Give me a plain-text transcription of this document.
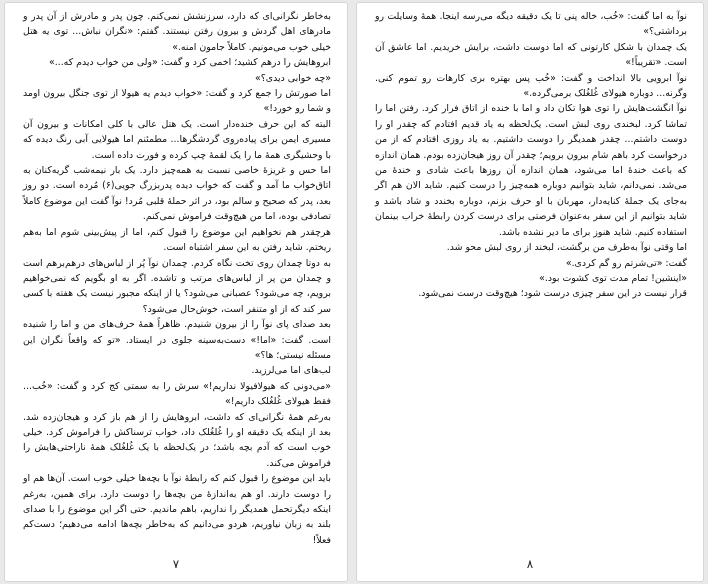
به‌خاطر نگرانی‌ای که دارد، سرزنشش نمی‌کنم. چون پدر و مادرش از آن پدر و مادرهای اهل گردش و بیرون رفتن نیستند. گفتم: «نگران نباش... توی یه هتل خیلی خوب می‌مونیم. کاملاً جامون امنه.»

ابروهایش را درهم کشید؛ اخمی کرد و گفت: «ولی من خواب دیدم که...»

«چه خوابی دیدی؟»

اما صورتش را جمع کرد و گفت: «خواب دیدم یه هیولا از توی جنگل بیرون اومد و شما رو خورد!»

البته که این حرف خنده‌دار است. یک هتل عالی با کلی امکانات و بیرون آن مسیری ایمن برای پیاده‌روی گردشگرها... مطمئنم اما هیولایی آبی رنگ دیده که با وحشیگری همهٔ ما را یک لقمهٔ چپ کرده و فورت داده است.

اما حس و غریزهٔ خاصی نسبت به همه‌چیز دارد. یک بار نیمه‌شب گریه‌کنان به اتاق‌خواب ما آمد و گفت که خواب دیده پدربزرگ جویی(۶) مُرده است. دو روز بعد، پدر که صحیح و سالم بود، در اثر حملهٔ قلبی مُرد! نوآ گفت این موضوع کاملاً تصادفی بوده، اما من هیچ‌وقت فراموش نمی‌کنم.

هرچقدر هم نخواهیم این موضوع را قبول کنم، اما از پیش‌بینی شوم اما به‌هم ریختم. شاید رفتن به این سفر اشتباه است.

به دوتا چمدان روی تخت نگاه کردم. چمدان نوآ پُر از لباس‌های درهم‌برهم است و چمدان من پر از لباس‌های مرتب و تاشده. اگر به او بگویم که نمی‌خواهیم برویم، چه می‌شود؟ عصبانی می‌شود؟ یا از اینکه مجبور نیست یک هفته با کسی سر کند که از او متنفر است، خوش‌حال می‌شود؟

بعد صدای پای نوآ را از بیرون شنیدم. ظاهراً همهٔ حرف‌های من و اما را شنیده است. گفت: «اما!» دست‌به‌سینه جلوی در ایستاد. «تو که واقعاً نگران این مسئله نیستی؛ ها؟»

لب‌های اما می‌لرزید.

«می‌دونی که هیولافیولا نداریم!» سرش را به سمتی کج کرد و گفت: «خُب... فقط هیولای غُلغُلک داریم!»

به‌رغم همهٔ نگرانی‌ای که داشت، ابروهایش را از هم باز کرد و هیجان‌زده شد. بعد از اینکه یک دقیقه او را غُلغُلک داد، خواب ترسناکش را فراموش کرد. خیلی خوب است که آدم بچه باشد؛ در یک‌لحظه با یک غُلغُلک همهٔ ناراحتی‌هایش را فراموش می‌کند.

باید این موضوع را قبول کنم که رابطهٔ نوآ با بچه‌ها خیلی خوب است. آن‌ها هم او را دوست دارند. او هم به‌اندازهٔ من بچه‌ها را دوست دارد. برای همین، به‌رغم اینکه دیگرتحمل همدیگر را نداریم، باهم ماندیم. حتی اگر این موضوع را با صدای بلند به زبان نیاوریم، هردو می‌دانیم که به‌خاطر بچه‌ها ادامه می‌دهیم؛ دست‌کم فعلاً!

۷

نوآ به اما گفت: «خُب، خاله پنی تا یک دقیقه دیگه می‌رسه اینجا. همهٔ وسایلت رو برداشتی؟»

یک چمدان با شکل کارتونی که اما دوست داشت، برایش خریدیم. اما عاشق آن است. «تقریباً!»

نوآ ابرویی بالا انداخت و گفت: «خُب پس بهتره بری کارهات رو تموم کنی. وگرنه... دوباره هیولای غُلغُلک برمی‌گرده.»

نوآ انگشت‌هایش را توی هوا تکان داد و اما با خنده از اتاق فرار کرد. رفتن اما را تماشا کرد. لبخندی روی لبش است. یک‌لحظه به یاد قدیم افتادم که چقدر او را دوست داشتم... چقدر همدیگر را دوست داشتیم. به یاد روزی افتادم که از من درخواست کرد باهم شام بیرون برویم؛ چقدر آن روز هیجان‌زده بودم. همان اندازه که باعث خندهٔ اما می‌شود، همان اندازه آن روزها باعث شادی و خندهٔ من می‌شد. نمی‌دانم، شاید بتوانیم دوباره همه‌چیز را درست کنیم. شاید الان هم اگر به‌جای یک جملهٔ کنایه‌دار، مهربان با او حرف بزنم، دوباره بخندد و شاد باشد و شاید بتوانیم از این سفر به‌عنوان فرصتی برای درست کردن رابطهٔ خراب بینمان استفاده کنیم. شاید هنوز برای ما دیر نشده باشد.

اما وقتی نوآ به‌طرف من برگشت، لبخند از روی لبش محو شد.

گفت: «تی‌شرتم رو گم کردی.»

«اینشین! تمام مدت توی کشوت بود.»

قرار نیست در این سفر چیزی درست شود؛ هیچ‌وقت درست نمی‌شود.

۸
